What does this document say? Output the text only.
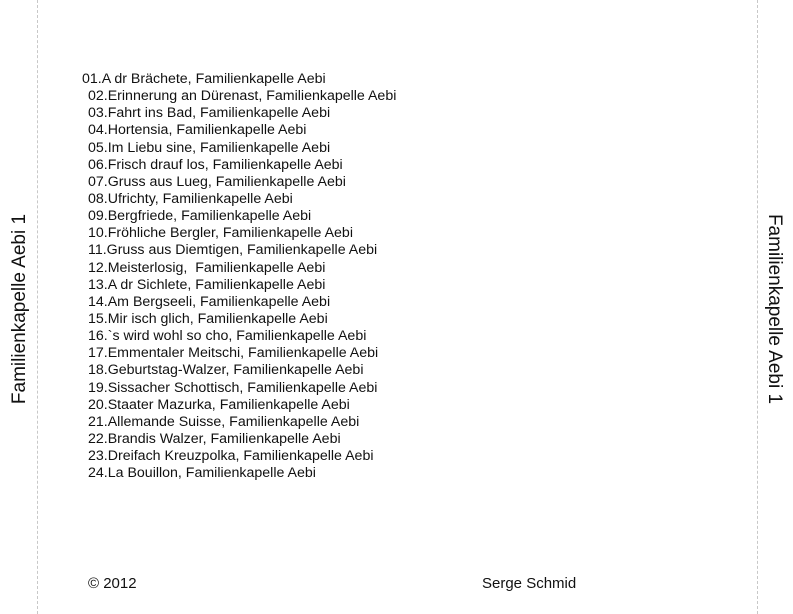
Familienkapelle Aebi 1	Familienkapelle Aebi 1
01.A dr Brächete, Familienkapelle Aebi
02.Erinnerung an Dürenast, Familienkapelle Aebi
03.Fahrt ins Bad, Familienkapelle Aebi
04.Hortensia, Familienkapelle Aebi
05.Im Liebu sine, Familienkapelle Aebi
06.Frisch drauf los, Familienkapelle Aebi
07.Gruss aus Lueg, Familienkapelle Aebi
08.Ufrichty, Familienkapelle Aebi
09.Bergfriede, Familienkapelle Aebi
10.Fröhliche Bergler, Familienkapelle Aebi
11.Gruss aus Diemtigen, Familienkapelle Aebi
12.Meisterlosig,  Familienkapelle Aebi
13.A dr Sichlete, Familienkapelle Aebi
14.Am Bergseeli, Familienkapelle Aebi
15.Mir isch glich, Familienkapelle Aebi
16.`s wird wohl so cho, Familienkapelle Aebi
17.Emmentaler Meitschi, Familienkapelle Aebi
18.Geburtstag-Walzer, Familienkapelle Aebi
19.Sissacher Schottisch, Familienkapelle Aebi
20.Staater Mazurka, Familienkapelle Aebi
21.Allemande Suisse, Familienkapelle Aebi
22.Brandis Walzer, Familienkapelle Aebi
23.Dreifach Kreuzpolka, Familienkapelle Aebi
24.La Bouillon, Familienkapelle Aebi
© 2012	Serge Schmid
